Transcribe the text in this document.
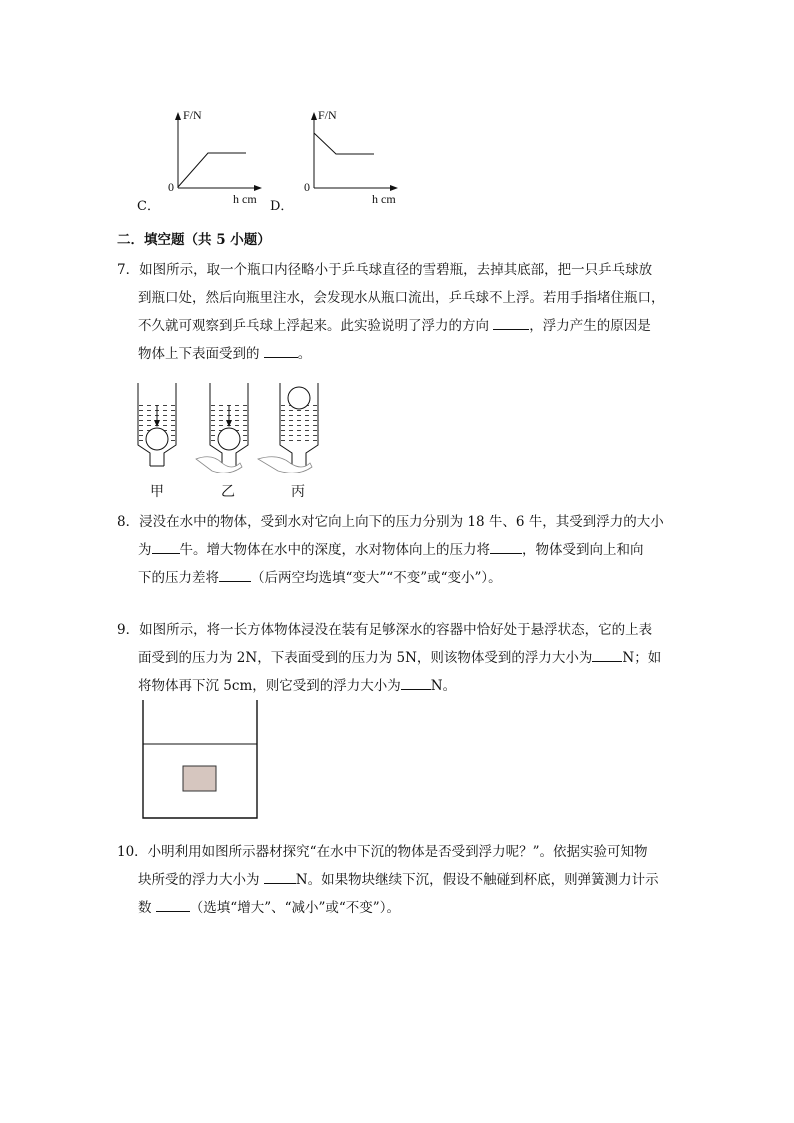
F/N
0
h cm
C．
F/N
0
h cm
D．
二．填空题（共 5 小题）
7．如图所示，取一个瓶口内径略小于乒乓球直径的雪碧瓶，去掉其底部，把一只乒乓球放
到瓶口处，然后向瓶里注水，会发现水从瓶口流出，乒乓球不上浮。若用手指堵住瓶口，
不久就可观察到乒乓球上浮起来。此实验说明了浮力的方向	，浮力产生的原因是
物体上下表面受到的	。
甲	乙	丙
8．浸没在水中的物体，受到水对它向上向下的压力分别为 18 牛、6 牛，其受到浮力的大小
为 牛。增大物体在水中的深度，水对物体向上的压力将 ，物体受到向上和向
下的压力差将 （后两空均选填“变大”“不变”或“变小”）。
9．如图所示，将一长方体物体浸没在装有足够深水的容器中恰好处于悬浮状态，它的上表
面受到的压力为 2N，下表面受到的压力为 5N，则该物体受到的浮力大小为 N；如
将物体再下沉 5cm，则它受到的浮力大小为 N。
10．小明利用如图所示器材探究“在水中下沉的物体是否受到浮力呢？”。依据实验可知物
块所受的浮力大小为	N。如果物块继续下沉，假设不触碰到杯底，则弹簧测力计示
数	（选填“增大”、“减小”或“不变”）。
